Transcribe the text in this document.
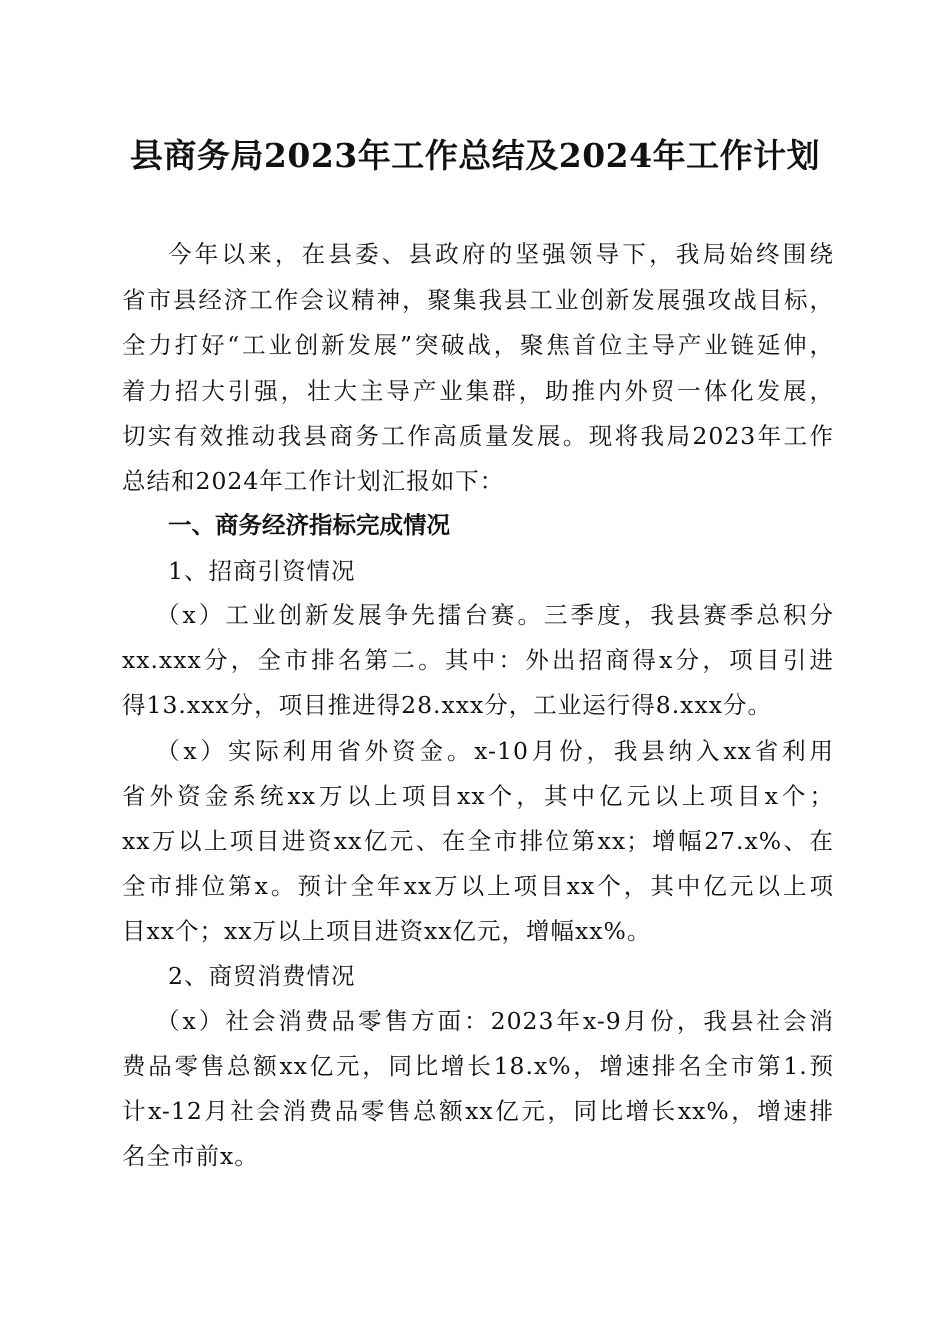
县商务局2023年工作总结及2024年工作计划
今年以来，在县委、县政府的坚强领导下，我局始终围绕
省市县经济工作会议精神，聚集我县工业创新发展强攻战目标，
全力打好“工业创新发展”突破战，聚焦首位主导产业链延伸，
着力招大引强，壮大主导产业集群，助推内外贸一体化发展，
切实有效推动我县商务工作高质量发展。现将我局2023年工作
总结和2024年工作计划汇报如下：
一、商务经济指标完成情况
1、招商引资情况
（x）工业创新发展争先擂台赛。三季度，我县赛季总积分
xx.xxx分，全市排名第二。其中：外出招商得x分，项目引进
得13.xxx分，项目推进得28.xxx分，工业运行得8.xxx分。
（x）实际利用省外资金。x-10月份，我县纳入xx省利用
省外资金系统xx万以上项目xx个，其中亿元以上项目x个；
xx万以上项目进资xx亿元、在全市排位第xx；增幅27.x%、在
全市排位第x。预计全年xx万以上项目xx个，其中亿元以上项
目xx个；xx万以上项目进资xx亿元，增幅xx%。
2、商贸消费情况
（x）社会消费品零售方面：2023年x-9月份，我县社会消
费品零售总额xx亿元，同比增长18.x%，增速排名全市第1.预
计x-12月社会消费品零售总额xx亿元，同比增长xx%，增速排
名全市前x。
